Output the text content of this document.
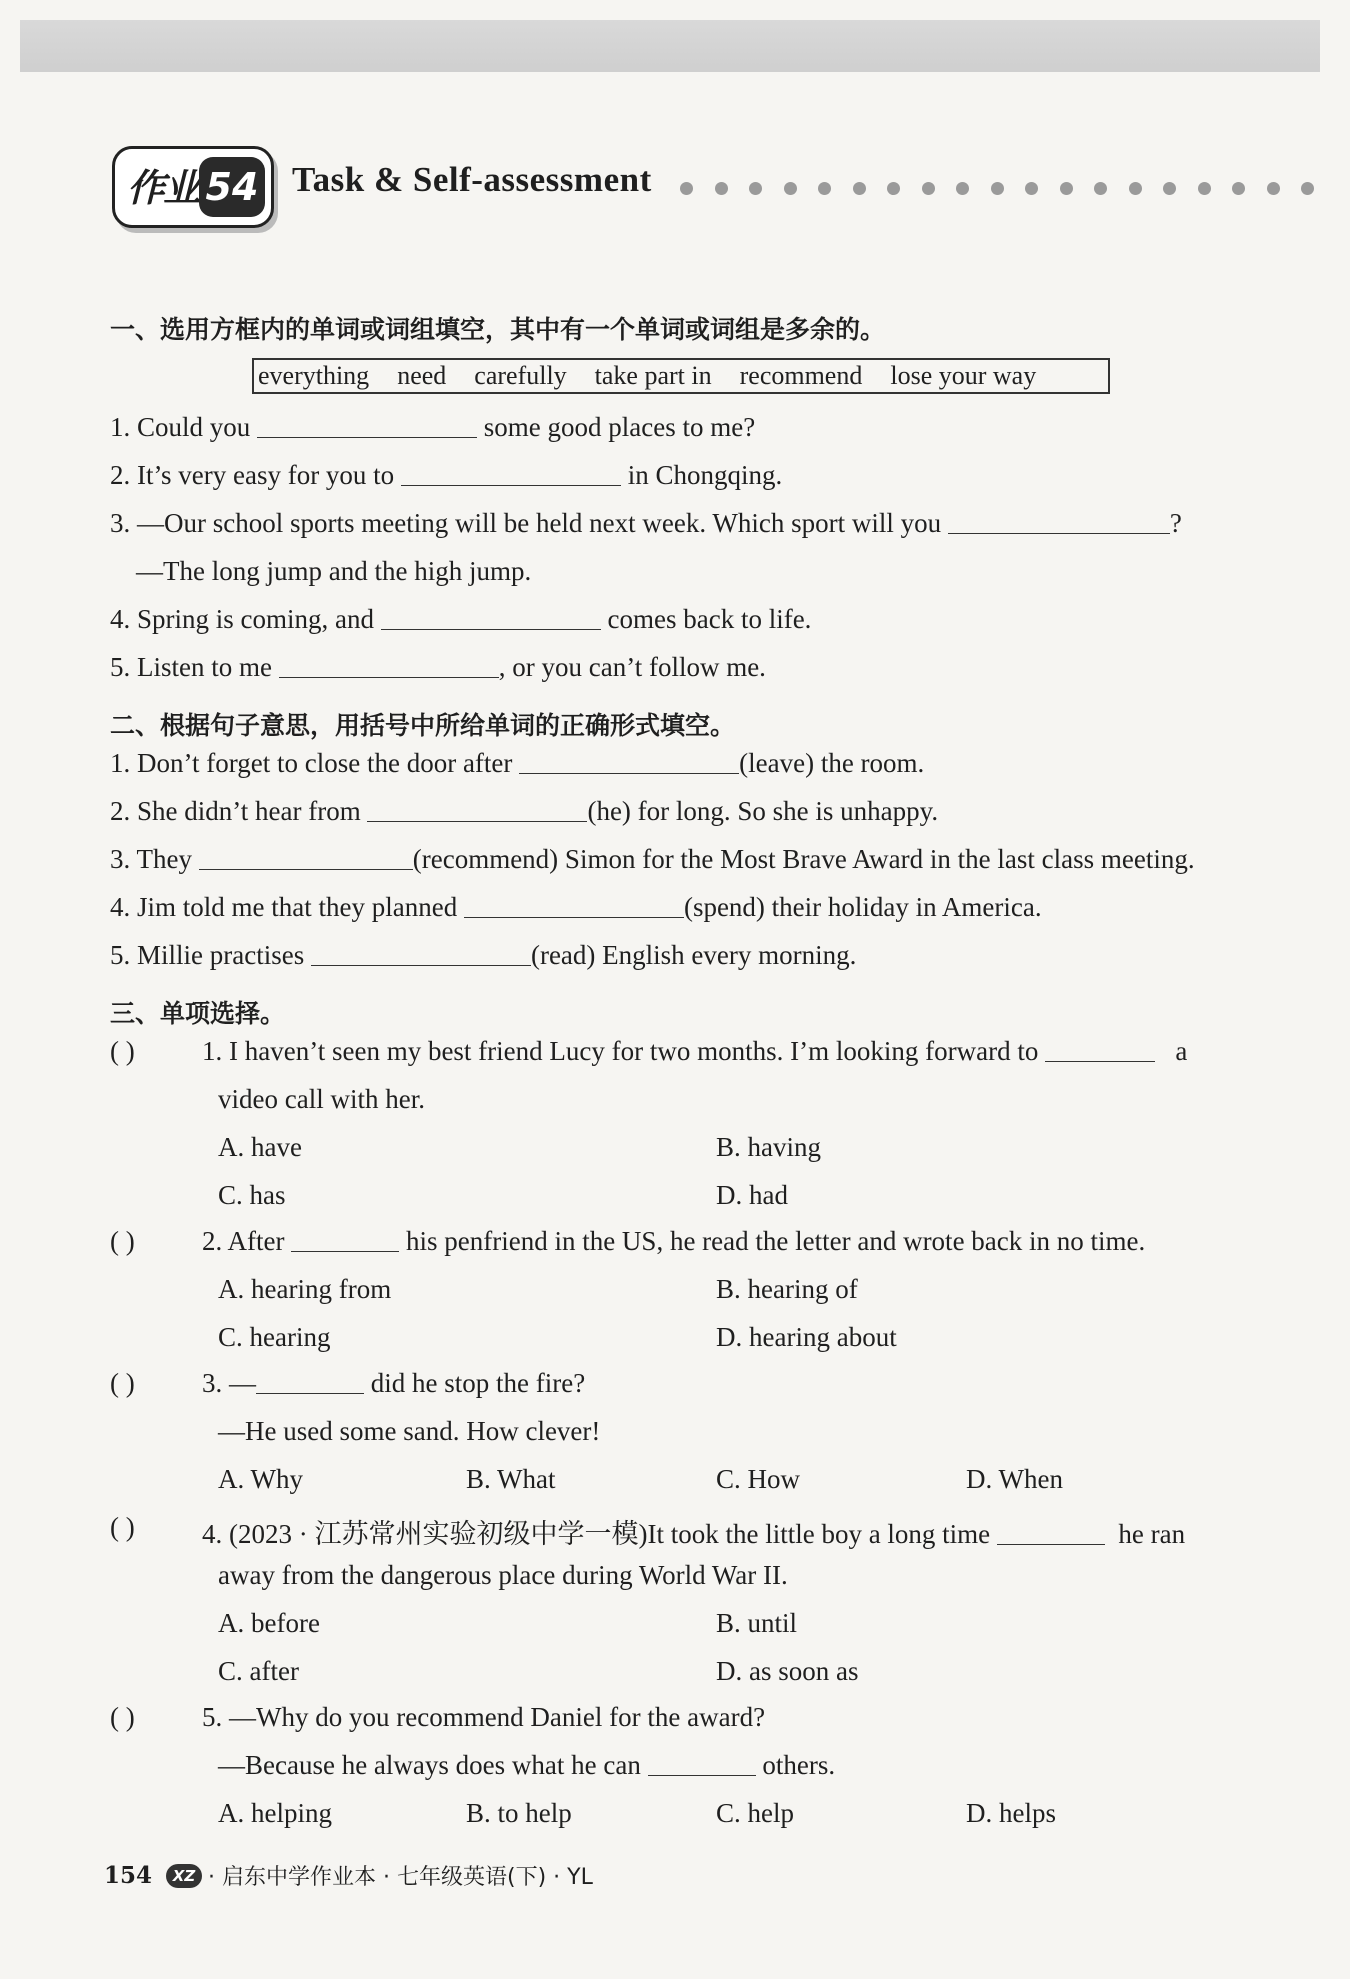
作业 54 Task & Self-assessment
一、选用方框内的单词或词组填空，其中有一个单词或词组是多余的。
everything need carefully take part in recommend lose your way
1. Could you	some good places to me?
2. It’s very easy for you to	in Chongqing.
3. —Our school sports meeting will be held next week. Which sport will you	?
—The long jump and the high jump.
4. Spring is coming, and	comes back to life.
5. Listen to me	, or you can’t follow me.
二、根据句子意思，用括号中所给单词的正确形式填空。
1. Don’t forget to close the door after	(leave) the room.
2. She didn’t hear from	(he) for long. So she is unhappy.
3. They	(recommend) Simon for the Most Brave Award in the last class meeting.
4. Jim told me that they planned	(spend) their holiday in America.
5. Millie practises	(read) English every morning.
三、单项选择。
( ) 1. I haven’t seen my best friend Lucy for two months. I’m looking forward to	a
video call with her.
A. have	B. having
C. has	D. had
( ) 2. After	his penfriend in the US, he read the letter and wrote back in no time.
A. hearing from	B. hearing of
C. hearing	D. hearing about
( ) 3. —	did he stop the fire?
—He used some sand. How clever!
A. Why	B. What	C. How	D. When
( ) 4. (2023 · 江苏常州实验初级中学一模)It took the little boy a long time	he ran
away from the dangerous place during World War II.
A. before	B. until
C. after	D. as soon as
( ) 5. —Why do you recommend Daniel for the award?
—Because he always does what he can	others.
A. helping	B. to help	C. help	D. helps
154	XZ · 启东中学作业本 · 七年级英语(下) · YL
